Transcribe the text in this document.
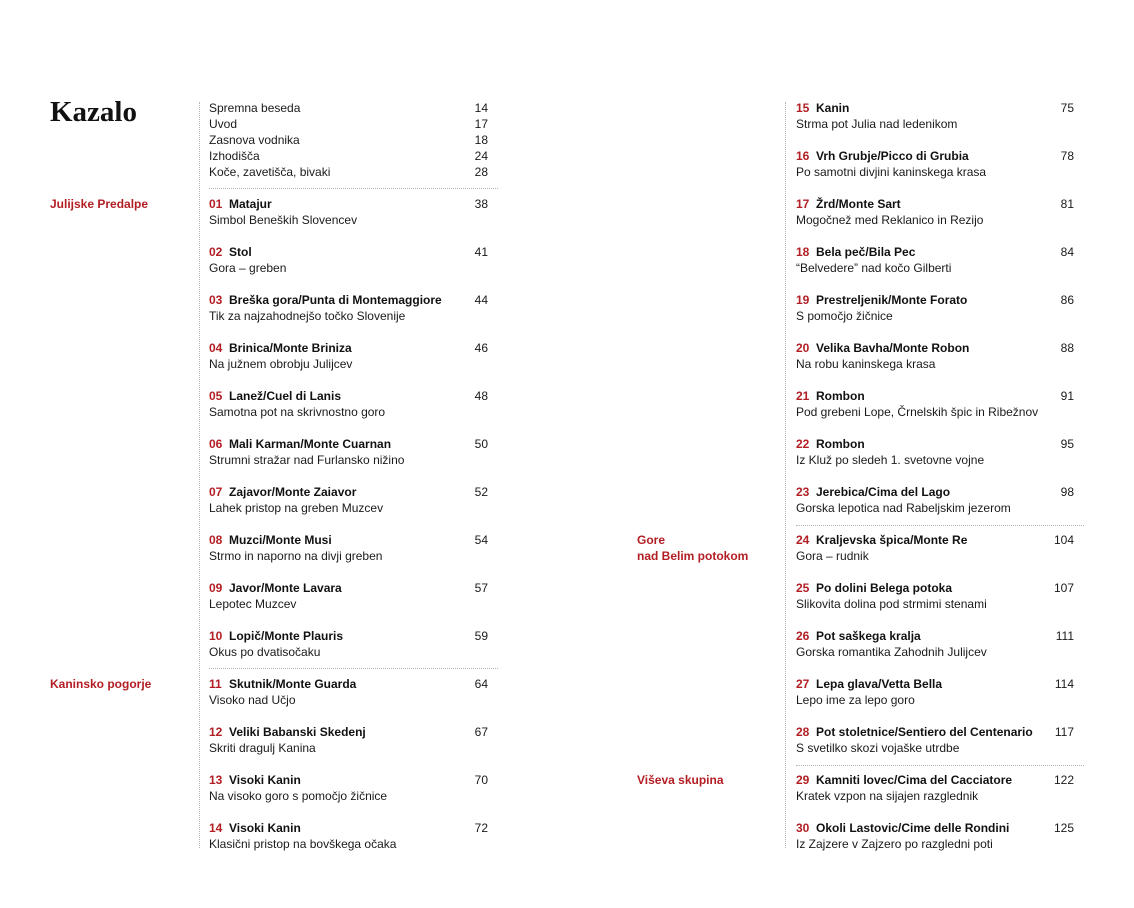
Kazalo
Julijske Predalpe
Kaninsko pogorje
Gore
nad Belim potokom
Viševa skupina
Spremna beseda	14
Uvod	17
Zasnova vodnika	18
Izhodišča	24
Koče, zavetišča, bivaki	28
01 Matajur	38
Simbol Beneških Slovencev
02 Stol	41
Gora – greben
03 Breška gora/Punta di Montemaggiore	44
Tik za najzahodnejšo točko Slovenije
04 Brinica/Monte Briniza	46
Na južnem obrobju Julijcev
05 Lanež/Cuel di Lanis	48
Samotna pot na skrivnostno goro
06 Mali Karman/Monte Cuarnan	50
Strumni stražar nad Furlansko nižino
07 Zajavor/Monte Zaiavor	52
Lahek pristop na greben Muzcev
08 Muzci/Monte Musi	54
Strmo in naporno na divji greben
09 Javor/Monte Lavara	57
Lepotec Muzcev
10 Lopič/Monte Plauris	59
Okus po dvatisočaku
11 Skutnik/Monte Guarda	64
Visoko nad Učjo
12 Veliki Babanski Skedenj	67
Skriti dragulj Kanina
13 Visoki Kanin	70
Na visoko goro s pomočjo žičnice
14 Visoki Kanin	72
Klasični pristop na bovškega očaka
15 Kanin	75
Strma pot Julia nad ledenikom
16 Vrh Grubje/Picco di Grubia	78
Po samotni divjini kaninskega krasa
17 Žrd/Monte Sart	81
Mogočnež med Reklanico in Rezijo
18 Bela peč/Bila Pec	84
“Belvedere” nad kočo Gilberti
19 Prestreljenik/Monte Forato	86
S pomočjo žičnice
20 Velika Bavha/Monte Robon	88
Na robu kaninskega krasa
21 Rombon	91
Pod grebeni Lope, Črnelskih špic in Ribežnov
22 Rombon	95
Iz Kluž po sledeh 1. svetovne vojne
23 Jerebica/Cima del Lago	98
Gorska lepotica nad Rabeljskim jezerom
24 Kraljevska špica/Monte Re	104
Gora – rudnik
25 Po dolini Belega potoka	107
Slikovita dolina pod strmimi stenami
26 Pot saškega kralja	111
Gorska romantika Zahodnih Julijcev
27 Lepa glava/Vetta Bella	114
Lepo ime za lepo goro
28 Pot stoletnice/Sentiero del Centenario 117
S svetilko skozi vojaške utrdbe
29 Kamniti lovec/Cima del Cacciatore	122
Kratek vzpon na sijajen razglednik
30 Okoli Lastovic/Cime delle Rondini	125
Iz Zajzere v Zajzero po razgledni poti
